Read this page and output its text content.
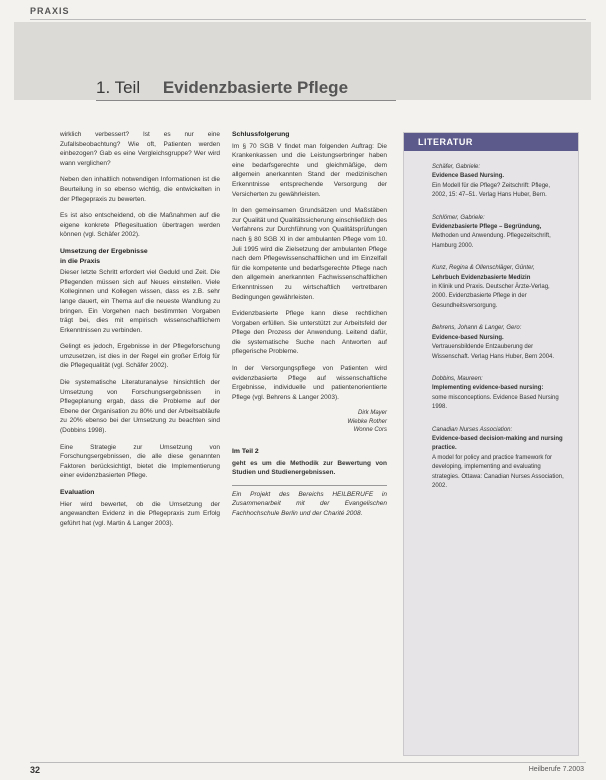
PRAXIS
1. Teil Evidenzbasierte Pflege

wirklich verbessert? Ist es nur eine Zufallsbeobachtung? Wie oft, Patienten werden einbezogen? Gab es eine Vergleichsgruppe? Wer wird wann verglichen?

Neben den inhaltlich notwendigen Informationen ist die Beurteilung in so ebenso wichtig, die entwickelten in der Pflegepraxis zu bewerten.

Es ist also entscheidend, ob die Maßnahmen auf die eigene konkrete Pflegesituation übertragen werden können (vgl. Schäfer 2002).

Umsetzung der Ergebnisse
in die Praxis

Dieser letzte Schritt erfordert viel Geduld und Zeit. Die Pflegenden müssen sich auf Neues einstellen. Viele Kolleginnen und Kollegen wissen, dass es z.B. sehr lange dauert, ein Thema auf die neueste Wandlung zu bringen. Ein Vorgehen nach bestimmten Vorgaben trägt bei, dies mit empirisch wissenschaftlichem Erkenntnissen zu verbinden.

Gelingt es jedoch, Ergebnisse in der Pflegeforschung umzusetzen, ist dies in der Regel ein großer Erfolg für die Pflegequalität (vgl. Schäfer 2002).

Die systematische Literaturanalyse hinsichtlich der Umsetzung von Forschungsergebnissen in Pflegeplanung ergab, dass die Probleme auf der Ebene der Organisation zu 80% und der Arbeitsabläufe zu 20% ebenso bei der Umsetzung zu beachten sind (Dobbins 1998).

Eine Strategie zur Umsetzung von Forschungsergebnissen, die alle diese genannten Faktoren berücksichtigt, bietet die Implementierung einer evidenzbasierten Pflege.

Evaluation

Hier wird bewertet, ob die Umsetzung der angewandten Evidenz in die Pflegepraxis zum Erfolg geführt hat (vgl. Martin & Langer 2003).

Schlussfolgerung

Im § 70 SGB V findet man folgenden Auftrag: Die Krankenkassen und die Leistungserbringer haben eine bedarfsgerechte und gleichmäßige, dem allgemein anerkannten Stand der medizinischen Erkenntnisse entsprechende Versorgung der Versicherten zu gewährleisten.

In den gemeinsamen Grundsätzen und Maßstäben zur Qualität und Qualitätssicherung einschließlich des Verfahrens zur Durchführung von Qualitätsprüfungen nach § 80 SGB XI in der ambulanten Pflege vom 10. Juli 1995 wird die Zielsetzung der ambulanten Pflege nach dem Pflegewissenschaftlichen und im Einzelfall für die kompetente und bedarfsgerechte Pflege nach den allgemein anerkannten Fachwissenschaftlichen Erkenntnissen zu wirtschaftlich vertretbaren Bedingungen gewährleisten.

Evidenzbasierte Pflege kann diese rechtlichen Vorgaben erfüllen. Sie unterstützt zur Arbeitsfeld der Pflege den Prozess der Anwendung. Leitend dafür, die systematische Suche nach Antworten auf pflegerische Probleme.

In der Versorgungspflege von Patienten wird evidenzbasierte Pflege auf wissenschaftliche Ergebnisse, individuelle und patientenorientierte Pflege (vgl. Behrens & Langer 2003).

Dirk Mayer
Wiebke Rother
Wonne Cors
Im Teil 2

geht es um die Methodik zur Bewertung von Studien und Studienergebnissen.

Ein Projekt des Bereichs HEILBERUFE in Zusammenarbeit mit der Evangelischen Fachhochschule Berlin und der Charité 2008.

LITERATUR
Schäfer, Gabriele:
Evidence Based Nursing.
Ein Modell für die Pflege? Zeitschrift: Pflege, 2002, 15: 47–51. Verlag Hans Huber, Bern.
Schlömer, Gabriele:
Evidenzbasierte Pflege – Begründung,
Methoden und Anwendung. Pflegezeitschrift, Hamburg 2000.
Kunz, Regina & Ollenschläger, Günter,
Lehrbuch Evidenzbasierte Medizin
in Klinik und Praxis. Deutscher Ärzte-Verlag, 2000. Evidenzbasierte Pflege in der Gesundheitsversorgung.
Behrens, Johann & Langer, Gero:
Evidence-based Nursing.
Vertrauensbildende Entzauberung der Wissenschaft. Verlag Hans Huber, Bern 2004.
Dobbins, Maureen:
Implementing evidence-based nursing:
some misconceptions. Evidence Based Nursing 1998.
Canadian Nurses Association:
Evidence-based decision-making and nursing practice.
A model for policy and practice framework for developing, implementing and evaluating strategies. Ottawa: Canadian Nurses Association, 2002.
32	Heilberufe 7.2003
